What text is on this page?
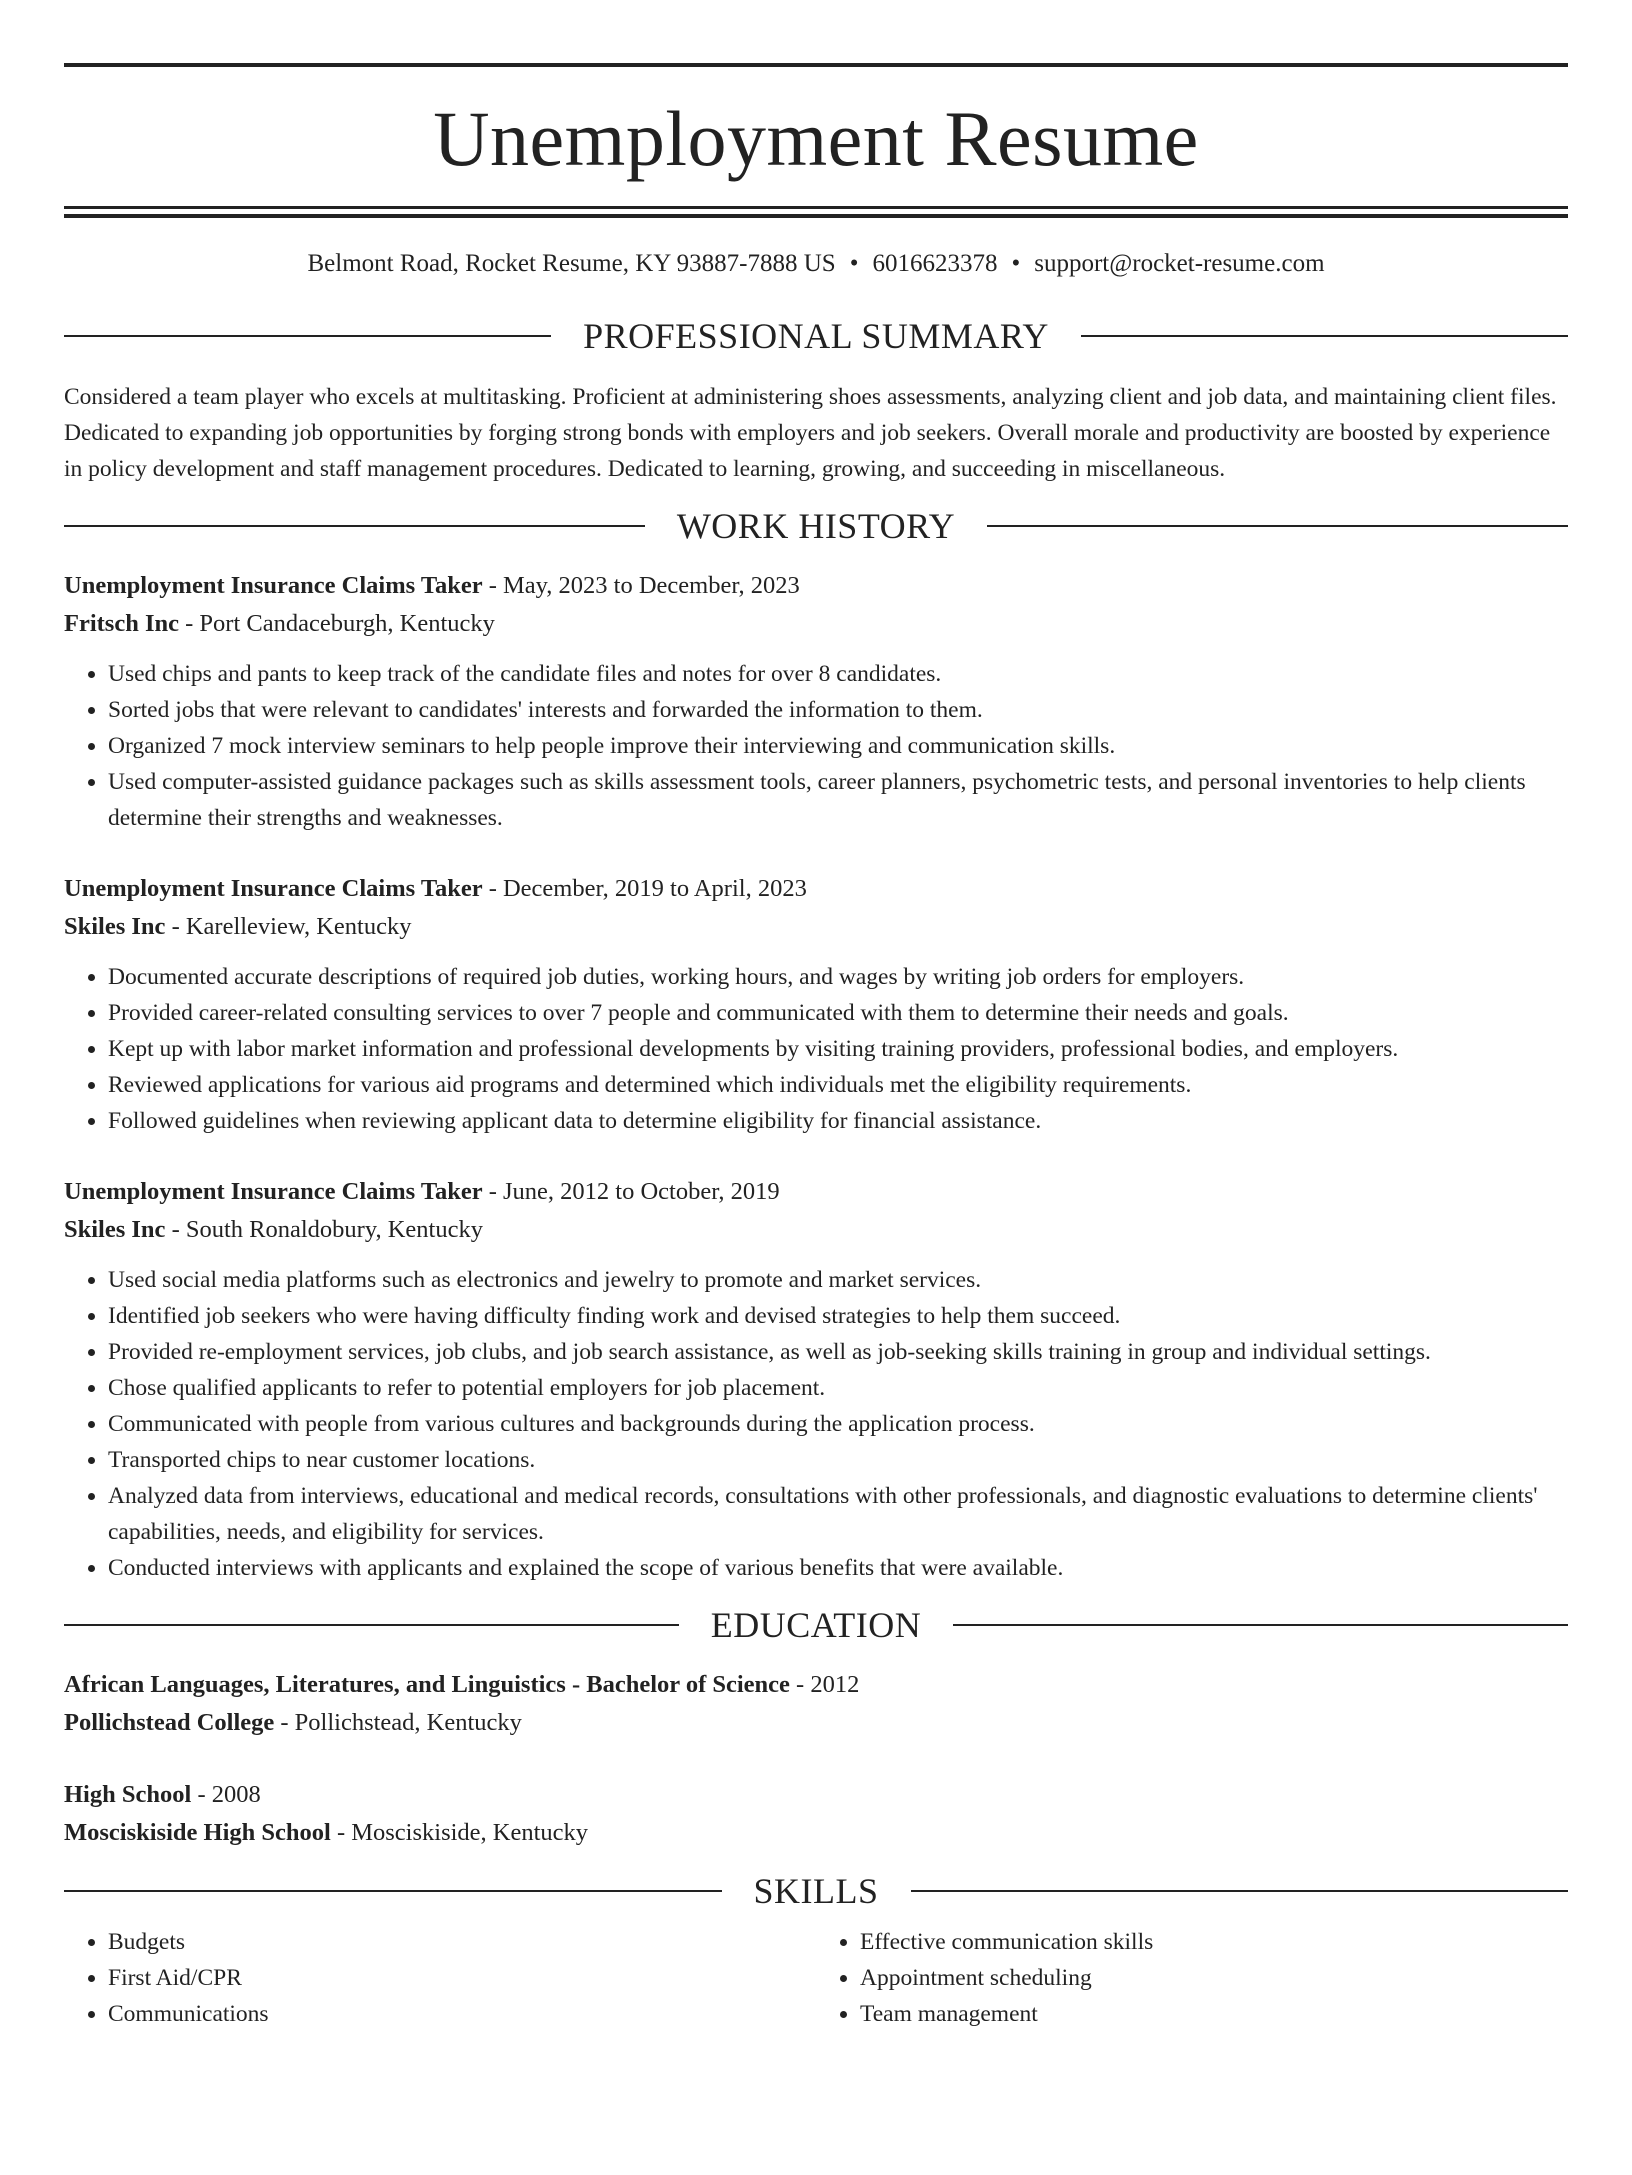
Unemployment Resume
Belmont Road, Rocket Resume, KY 93887-7888 US • 6016623378 • support@rocket-resume.com
PROFESSIONAL SUMMARY

Considered a team player who excels at multitasking. Proficient at administering shoes assessments, analyzing client and job data, and maintaining client files. Dedicated to expanding job opportunities by forging strong bonds with employers and job seekers. Overall morale and productivity are boosted by experience in policy development and staff management procedures. Dedicated to learning, growing, and succeeding in miscellaneous.

WORK HISTORY
Unemployment Insurance Claims Taker - May, 2023 to December, 2023
Fritsch Inc - Port Candaceburgh, Kentucky
• Used chips and pants to keep track of the candidate files and notes for over 8 candidates.
• Sorted jobs that were relevant to candidates' interests and forwarded the information to them.
• Organized 7 mock interview seminars to help people improve their interviewing and communication skills.
• Used computer-assisted guidance packages such as skills assessment tools, career planners, psychometric tests, and personal inventories to help clients determine their strengths and weaknesses.
Unemployment Insurance Claims Taker - December, 2019 to April, 2023
Skiles Inc - Karelleview, Kentucky
• Documented accurate descriptions of required job duties, working hours, and wages by writing job orders for employers.
• Provided career-related consulting services to over 7 people and communicated with them to determine their needs and goals.
• Kept up with labor market information and professional developments by visiting training providers, professional bodies, and employers.
• Reviewed applications for various aid programs and determined which individuals met the eligibility requirements.
• Followed guidelines when reviewing applicant data to determine eligibility for financial assistance.
Unemployment Insurance Claims Taker - June, 2012 to October, 2019
Skiles Inc - South Ronaldobury, Kentucky
• Used social media platforms such as electronics and jewelry to promote and market services.
• Identified job seekers who were having difficulty finding work and devised strategies to help them succeed.
• Provided re-employment services, job clubs, and job search assistance, as well as job-seeking skills training in group and individual settings.
• Chose qualified applicants to refer to potential employers for job placement.
• Communicated with people from various cultures and backgrounds during the application process.
• Transported chips to near customer locations.
• Analyzed data from interviews, educational and medical records, consultations with other professionals, and diagnostic evaluations to determine clients' capabilities, needs, and eligibility for services.
• Conducted interviews with applicants and explained the scope of various benefits that were available.
EDUCATION
African Languages, Literatures, and Linguistics - Bachelor of Science - 2012
Pollichstead College - Pollichstead, Kentucky
High School - 2008
Mosciskiside High School - Mosciskiside, Kentucky
SKILLS
• Budgets
• First Aid/CPR
• Communications
• Effective communication skills
• Appointment scheduling
• Team management
